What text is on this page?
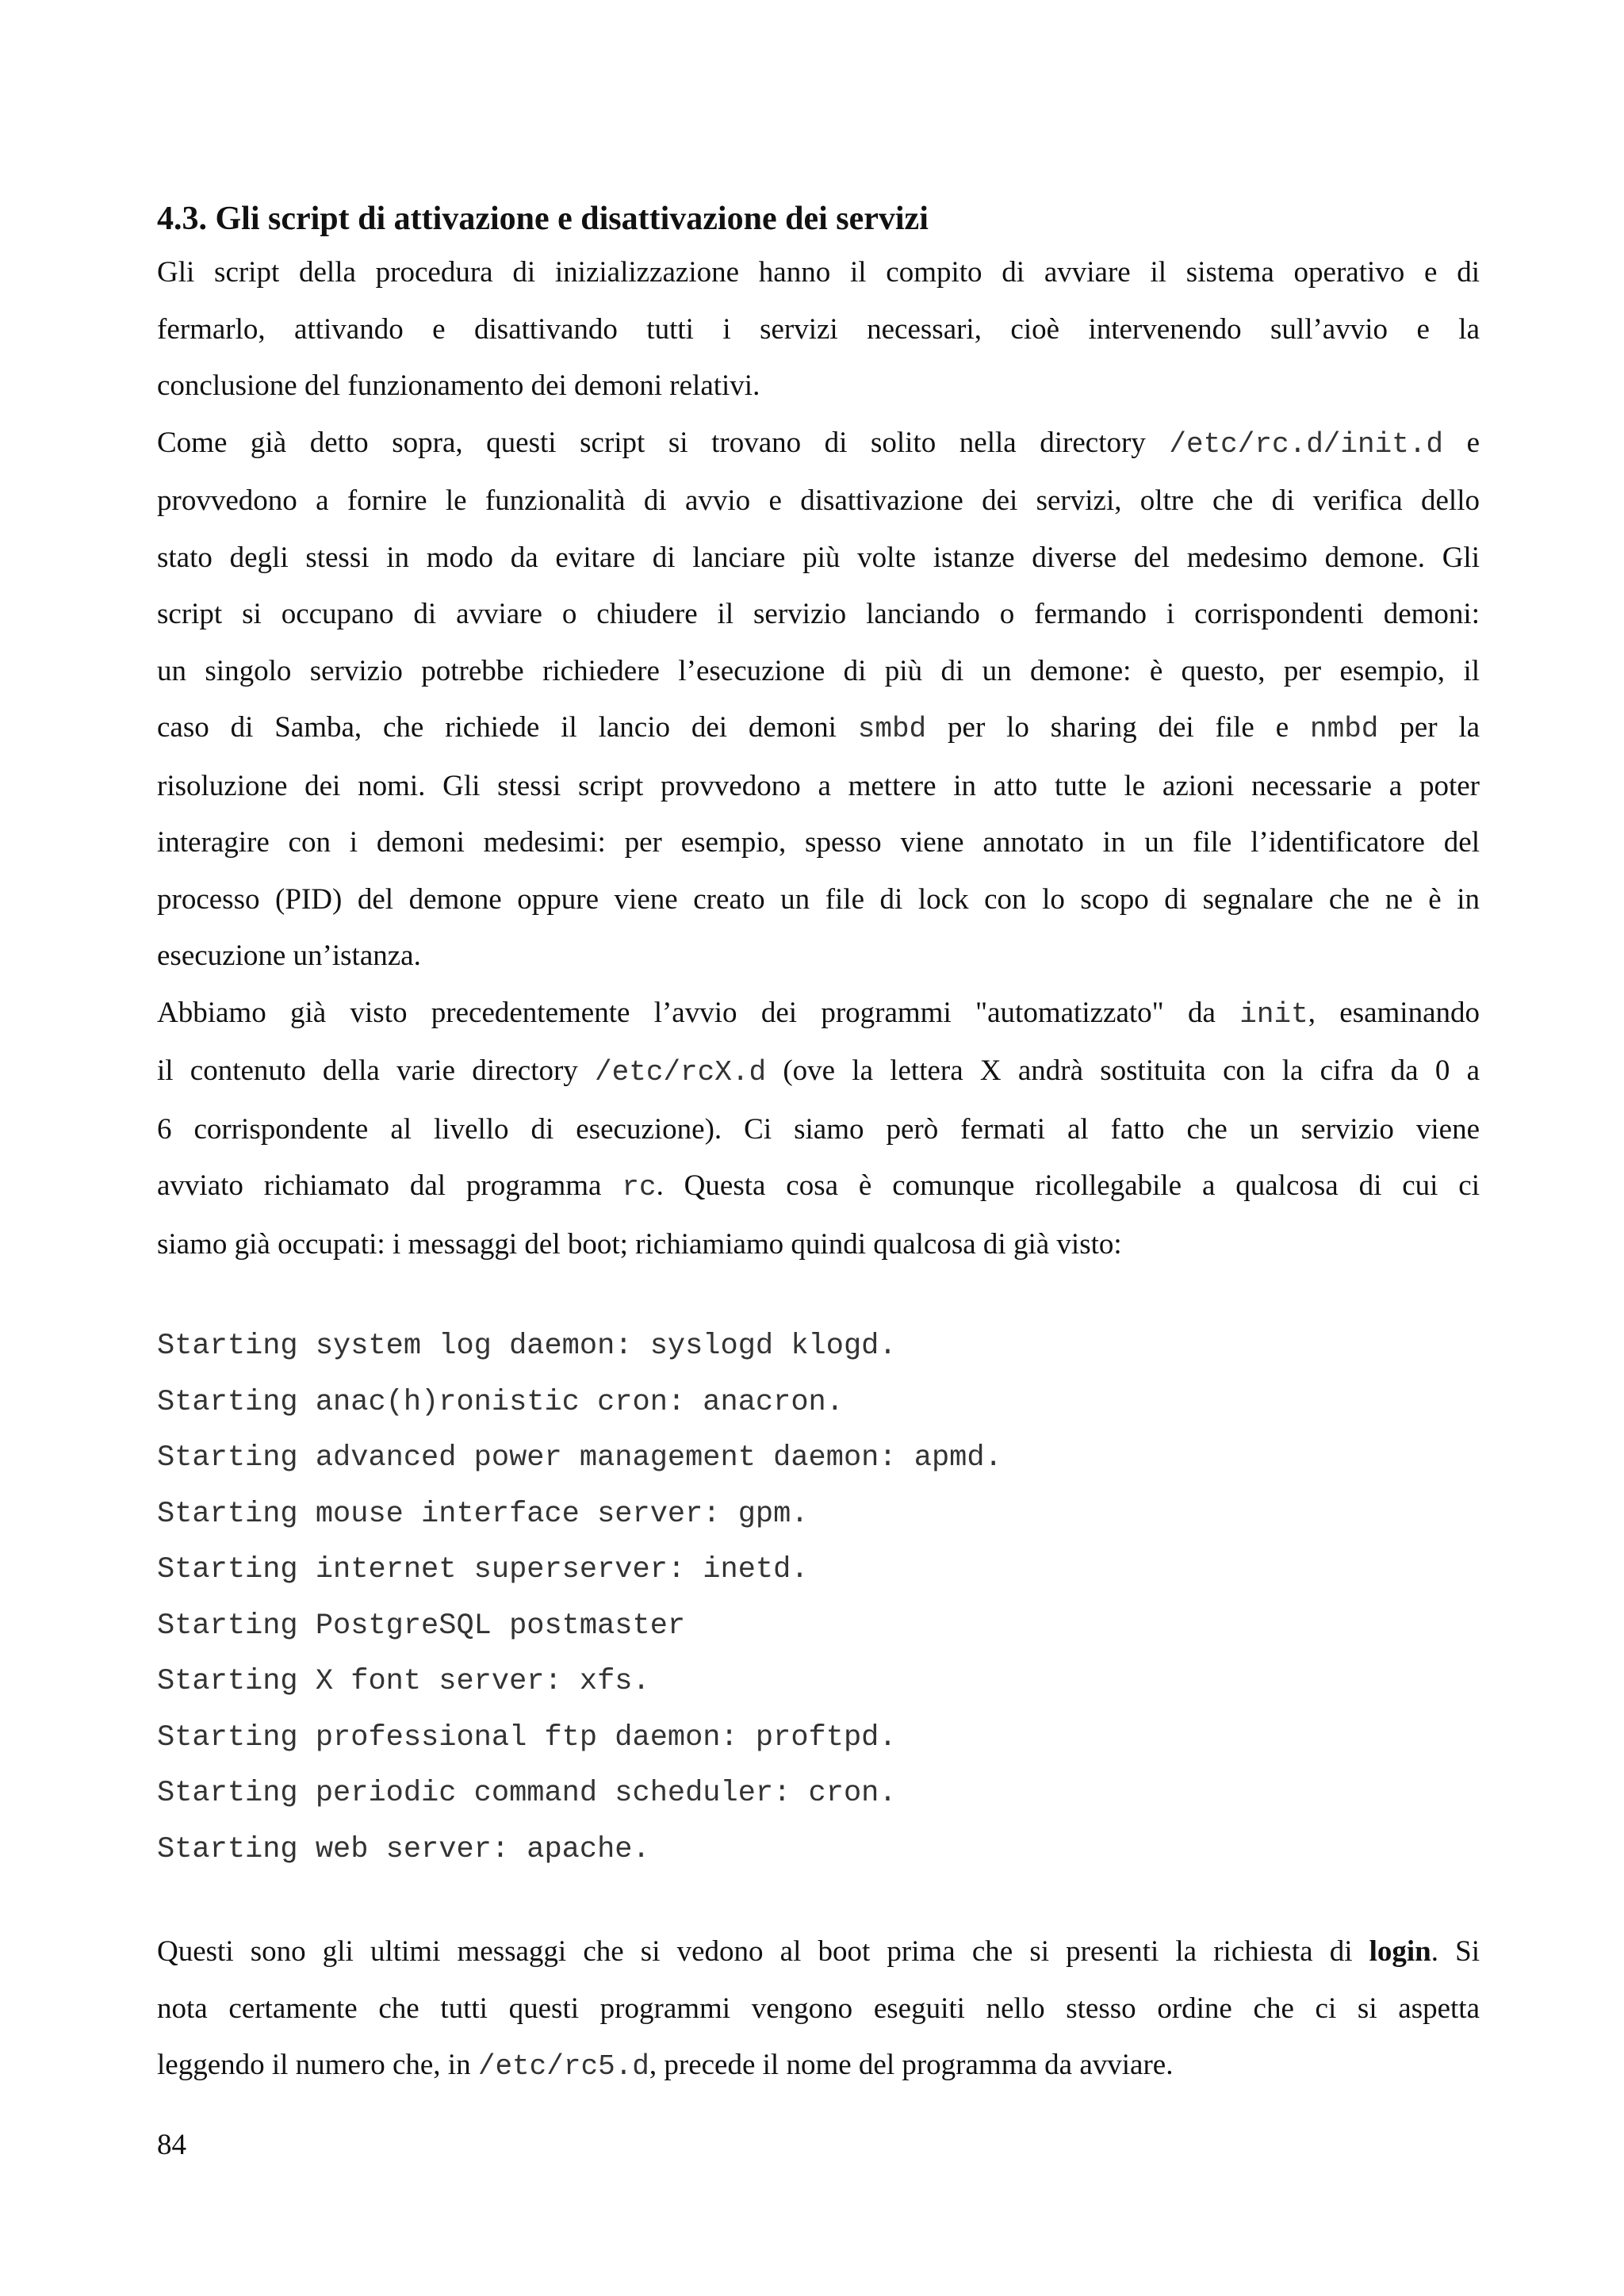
4.3. Gli script di attivazione e disattivazione dei servizi

Gli script della procedura di inizializzazione hanno il compito di avviare il sistema operativo e di
fermarlo, attivando e disattivando tutti i servizi necessari, cioè intervenendo sull’avvio e la
conclusione del funzionamento dei demoni relativi.

Come già detto sopra, questi script si trovano di solito nella directory /etc/rc.d/init.d e
provvedono a fornire le funzionalità di avvio e disattivazione dei servizi, oltre che di verifica dello
stato degli stessi in modo da evitare di lanciare più volte istanze diverse del medesimo demone. Gli
script si occupano di avviare o chiudere il servizio lanciando o fermando i corrispondenti demoni:
un singolo servizio potrebbe richiedere l’esecuzione di più di un demone: è questo, per esempio, il
caso di Samba, che richiede il lancio dei demoni smbd per lo sharing dei file e nmbd per la
risoluzione dei nomi. Gli stessi script provvedono a mettere in atto tutte le azioni necessarie a poter
interagire con i demoni medesimi: per esempio, spesso viene annotato in un file l’identificatore del
processo (PID) del demone oppure viene creato un file di lock con lo scopo di segnalare che ne è in
esecuzione un’istanza.

Abbiamo già visto precedentemente l’avvio dei programmi "automatizzato" da init, esaminando
il contenuto della varie directory /etc/rcX.d (ove la lettera X andrà sostituita con la cifra da 0 a
6 corrispondente al livello di esecuzione). Ci siamo però fermati al fatto che un servizio viene
avviato richiamato dal programma rc. Questa cosa è comunque ricollegabile a qualcosa di cui ci
siamo già occupati: i messaggi del boot; richiamiamo quindi qualcosa di già visto:

Starting system log daemon: syslogd klogd.
Starting anac(h)ronistic cron: anacron.
Starting advanced power management daemon: apmd.
Starting mouse interface server: gpm.
Starting internet superserver: inetd.
Starting PostgreSQL postmaster
Starting X font server: xfs.
Starting professional ftp daemon: proftpd.
Starting periodic command scheduler: cron.
Starting web server: apache.

Questi sono gli ultimi messaggi che si vedono al boot prima che si presenti la richiesta di login. Si
nota certamente che tutti questi programmi vengono eseguiti nello stesso ordine che ci si aspetta
leggendo il numero che, in /etc/rc5.d, precede il nome del programma da avviare.

84
